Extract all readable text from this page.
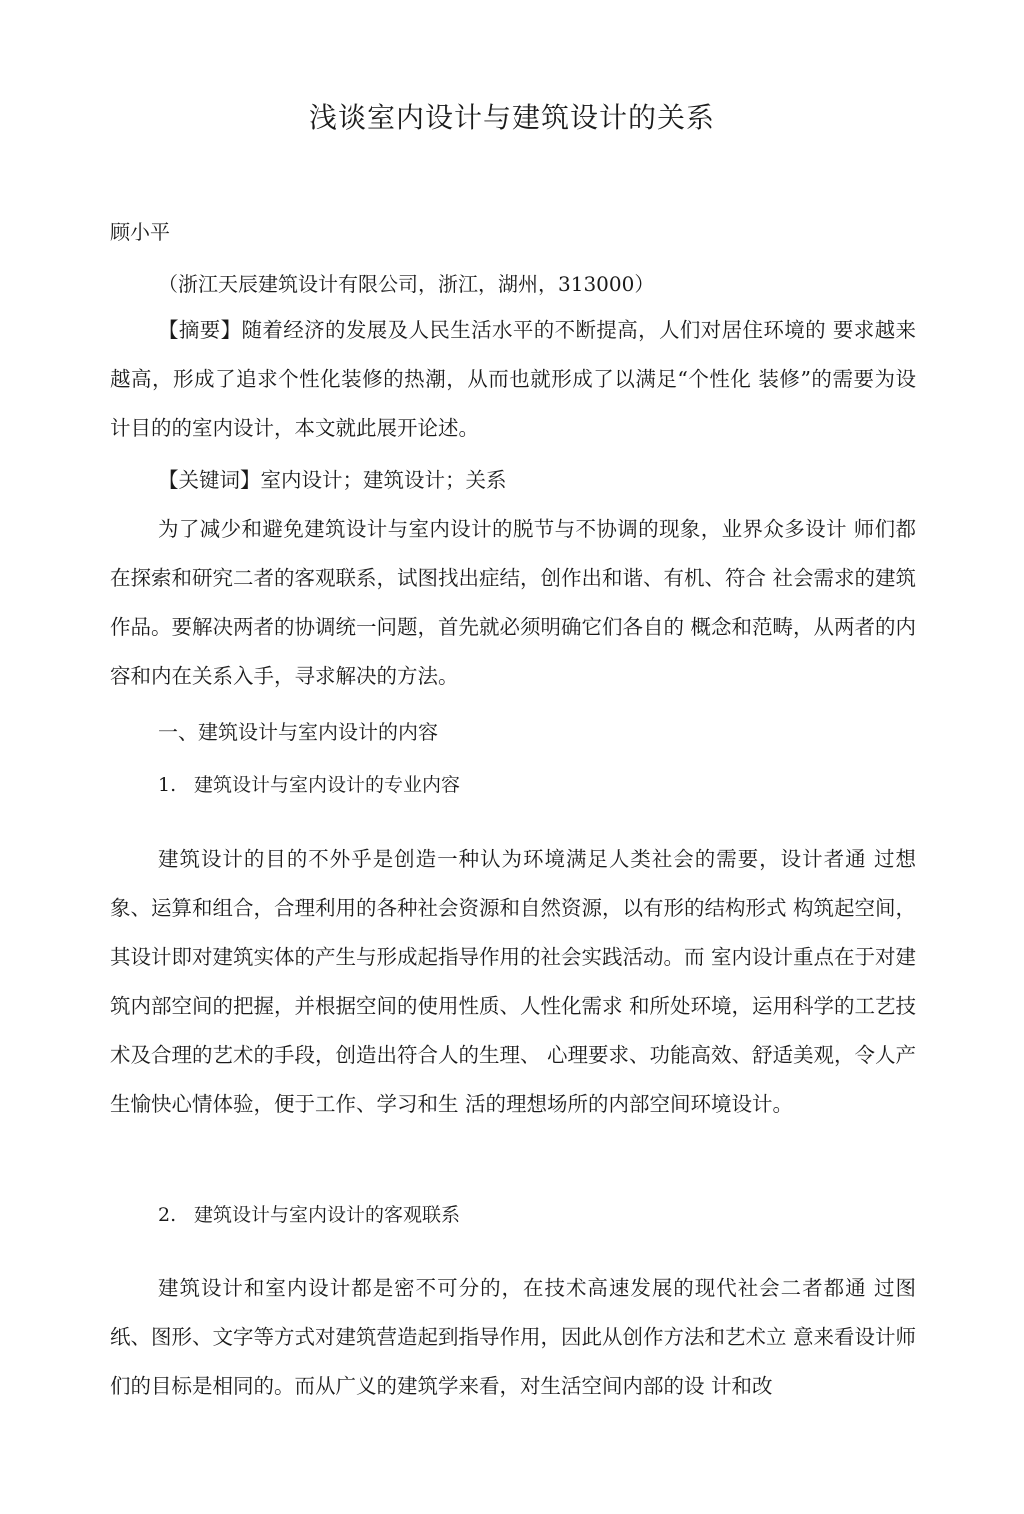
浅谈室内设计与建筑设计的关系
顾小平
（浙江天辰建筑设计有限公司，浙江，湖州，313000）

【摘要】随着经济的发展及人民生活水平的不断提高，人们对居住环境的 要求越来越高，形成了追求个性化装修的热潮，从而也就形成了以满足“个性化 装修”的需要为设计目的的室内设计，本文就此展开论述。

【关键词】室内设计；建筑设计；关系

为了减少和避免建筑设计与室内设计的脱节与不协调的现象，业界众多设计 师们都在探索和研究二者的客观联系，试图找出症结，创作出和谐、有机、符合 社会需求的建筑作品。要解决两者的协调统一问题，首先就必须明确它们各自的 概念和范畴，从两者的内容和内在关系入手，寻求解决的方法。

一、建筑设计与室内设计的内容
1. 建筑设计与室内设计的专业内容

建筑设计的目的不外乎是创造一种认为环境满足人类社会的需要，设计者通 过想象、运算和组合，合理利用的各种社会资源和自然资源，以有形的结构形式 构筑起空间，其设计即对建筑实体的产生与形成起指导作用的社会实践活动。而 室内设计重点在于对建筑内部空间的把握，并根据空间的使用性质、人性化需求 和所处环境，运用科学的工艺技术及合理的艺术的手段，创造出符合人的生理、 心理要求、功能高效、舒适美观，令人产生愉快心情体验，便于工作、学习和生 活的理想场所的内部空间环境设计。

2. 建筑设计与室内设计的客观联系

建筑设计和室内设计都是密不可分的，在技术高速发展的现代社会二者都通 过图纸、图形、文字等方式对建筑营造起到指导作用，因此从创作方法和艺术立 意来看设计师们的目标是相同的。而从广义的建筑学来看，对生活空间内部的设 计和改
